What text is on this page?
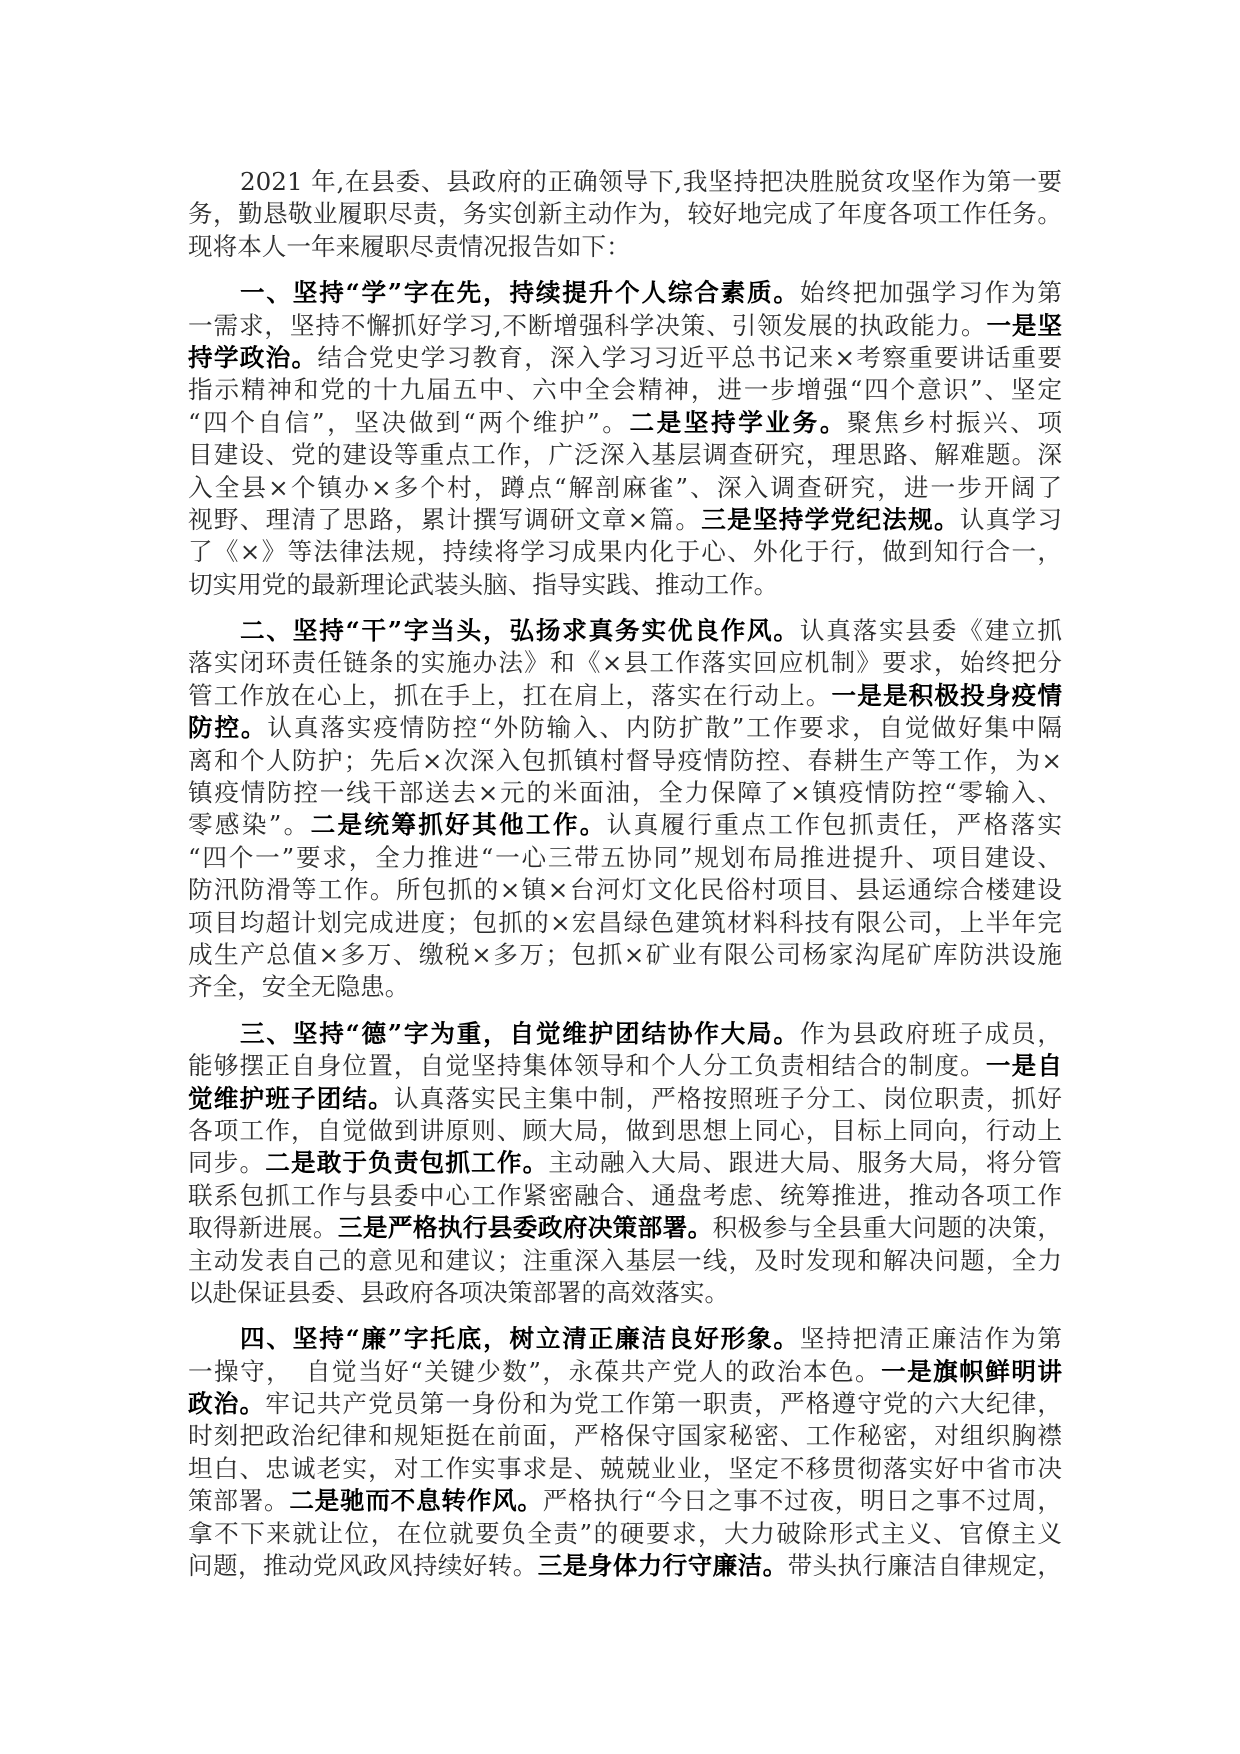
2021 年,在县委、县政府的正确领导下,我坚持把决胜脱贫攻坚作为第一要
务，勤恳敬业履职尽责，务实创新主动作为，较好地完成了年度各项工作任务。
现将本人一年来履职尽责情况报告如下：
一、坚持“学”字在先，持续提升个人综合素质。始终把加强学习作为第
一需求，坚持不懈抓好学习,不断增强科学决策、引领发展的执政能力。一是坚
持学政治。结合党史学习教育，深入学习习近平总书记来×考察重要讲话重要
指示精神和党的十九届五中、六中全会精神，进一步增强“四个意识”、坚定
“四个自信”，坚决做到“两个维护”。二是坚持学业务。聚焦乡村振兴、项
目建设、党的建设等重点工作，广泛深入基层调查研究，理思路、解难题。深
入全县×个镇办×多个村，蹲点“解剖麻雀”、深入调查研究，进一步开阔了
视野、理清了思路，累计撰写调研文章×篇。三是坚持学党纪法规。认真学习
了《×》等法律法规，持续将学习成果内化于心、外化于行，做到知行合一，
切实用党的最新理论武装头脑、指导实践、推动工作。
二、坚持“干”字当头，弘扬求真务实优良作风。认真落实县委《建立抓
落实闭环责任链条的实施办法》和《×县工作落实回应机制》要求，始终把分
管工作放在心上，抓在手上，扛在肩上，落实在行动上。一是是积极投身疫情
防控。认真落实疫情防控“外防输入、内防扩散”工作要求，自觉做好集中隔
离和个人防护；先后×次深入包抓镇村督导疫情防控、春耕生产等工作，为×
镇疫情防控一线干部送去×元的米面油，全力保障了×镇疫情防控“零输入、
零感染”。二是统筹抓好其他工作。认真履行重点工作包抓责任，严格落实
“四个一”要求，全力推进“一心三带五协同”规划布局推进提升、项目建设、
防汛防滑等工作。所包抓的×镇×台河灯文化民俗村项目、县运通综合楼建设
项目均超计划完成进度；包抓的×宏昌绿色建筑材料科技有限公司，上半年完
成生产总值×多万、缴税×多万；包抓×矿业有限公司杨家沟尾矿库防洪设施
齐全，安全无隐患。
三、坚持“德”字为重，自觉维护团结协作大局。作为县政府班子成员，
能够摆正自身位置，自觉坚持集体领导和个人分工负责相结合的制度。一是自
觉维护班子团结。认真落实民主集中制，严格按照班子分工、岗位职责，抓好
各项工作，自觉做到讲原则、顾大局，做到思想上同心，目标上同向，行动上
同步。二是敢于负责包抓工作。主动融入大局、跟进大局、服务大局，将分管
联系包抓工作与县委中心工作紧密融合、通盘考虑、统筹推进，推动各项工作
取得新进展。三是严格执行县委政府决策部署。积极参与全县重大问题的决策，
主动发表自己的意见和建议；注重深入基层一线，及时发现和解决问题，全力
以赴保证县委、县政府各项决策部署的高效落实。
四、坚持“廉”字托底，树立清正廉洁良好形象。坚持把清正廉洁作为第
一操守，　自觉当好“关键少数”，永葆共产党人的政治本色。一是旗帜鲜明讲
政治。牢记共产党员第一身份和为党工作第一职责，严格遵守党的六大纪律，
时刻把政治纪律和规矩挺在前面，严格保守国家秘密、工作秘密，对组织胸襟
坦白、忠诚老实，对工作实事求是、兢兢业业，坚定不移贯彻落实好中省市决
策部署。二是驰而不息转作风。严格执行“今日之事不过夜，明日之事不过周，
拿不下来就让位，在位就要负全责”的硬要求，大力破除形式主义、官僚主义
问题，推动党风政风持续好转。三是身体力行守廉洁。带头执行廉洁自律规定，
